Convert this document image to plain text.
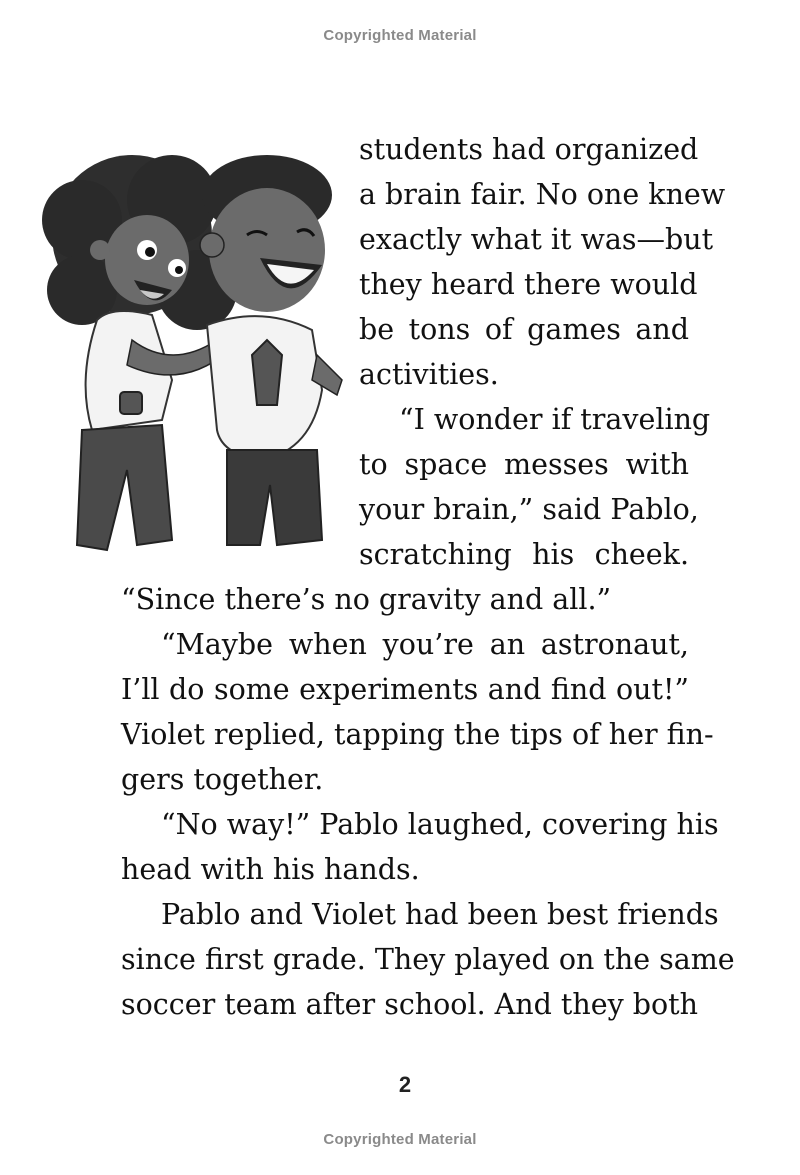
Copyrighted Material

students had organized

a brain fair. No one knew

exactly what it was—but

they heard there would

be tons of games and

activities.

“I wonder if traveling

to space messes with

your brain,” said Pablo,

scratching his cheek.

“Since there’s no gravity and all.”

“Maybe when you’re an astronaut,

I’ll do some experiments and find out!”

Violet replied, tapping the tips of her fin-

gers together.

“No way!” Pablo laughed, covering his

head with his hands.

Pablo and Violet had been best friends

since first grade. They played on the same

soccer team after school. And they both

2
Copyrighted Material
